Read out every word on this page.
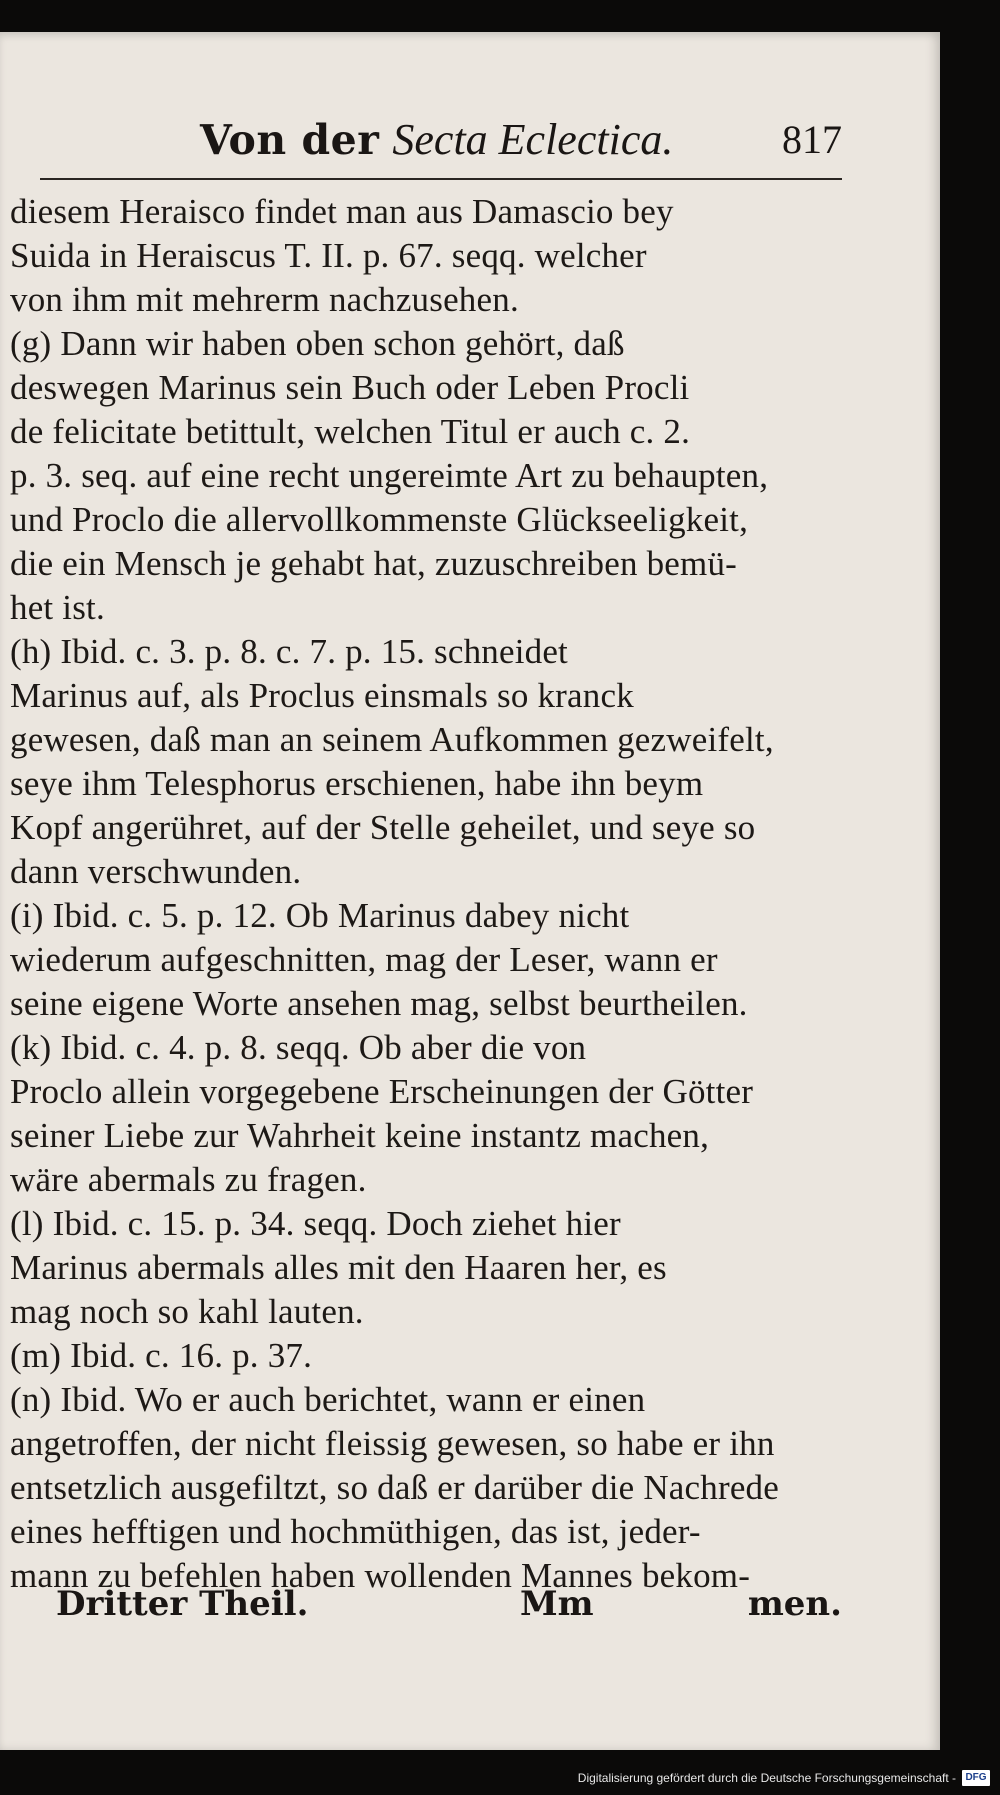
Von der Secta Eclectica.	817
diesem Heraisco findet man aus Damascio bey
Suida in Heraiscus T. II. p. 67. seqq. welcher
von ihm mit mehrerm nachzusehen.
(g) Dann wir haben oben schon gehört, daß
deswegen Marinus sein Buch oder Leben Procli
de felicitate betittult, welchen Titul er auch c. 2.
p. 3. seq. auf eine recht ungereimte Art zu behaupten,
und Proclo die allervollkommenste Glückseeligkeit,
die ein Mensch je gehabt hat, zuzuschreiben bemü-
het ist.
(h) Ibid. c. 3. p. 8. c. 7. p. 15. schneidet
Marinus auf, als Proclus einsmals so kranck
gewesen, daß man an seinem Aufkommen gezweifelt,
seye ihm Telesphorus erschienen, habe ihn beym
Kopf angerühret, auf der Stelle geheilet, und seye so
dann verschwunden.
(i) Ibid. c. 5. p. 12. Ob Marinus dabey nicht
wiederum aufgeschnitten, mag der Leser, wann er
seine eigene Worte ansehen mag, selbst beurtheilen.
(k) Ibid. c. 4. p. 8. seqq. Ob aber die von
Proclo allein vorgegebene Erscheinungen der Götter
seiner Liebe zur Wahrheit keine instantz machen,
wäre abermals zu fragen.
(l) Ibid. c. 15. p. 34. seqq. Doch ziehet hier
Marinus abermals alles mit den Haaren her, es
mag noch so kahl lauten.
(m) Ibid. c. 16. p. 37.
(n) Ibid. Wo er auch berichtet, wann er einen
angetroffen, der nicht fleissig gewesen, so habe er ihn
entsetzlich ausgefiltzt, so daß er darüber die Nachrede
eines hefftigen und hochmüthigen, das ist, jeder-
mann zu befehlen haben wollenden Mannes bekom-
Dritter Theil.	Mm	men.
Digitalisierung gefördert durch die Deutsche Forschungsgemeinschaft - DFG
